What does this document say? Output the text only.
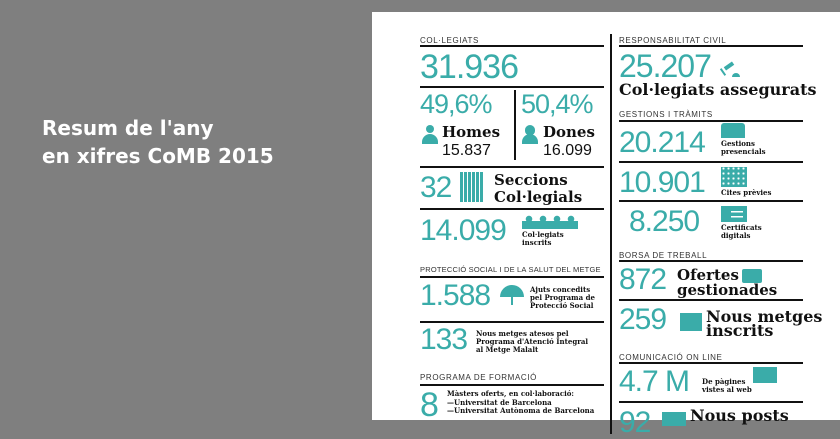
Resum de l'any
en xifres CoMB 2015
COL·LEGIATS
31.936
49,6% 50,4%
Homes
15.837
Dones
16.099
32	Seccions
Col·legials
14.099 Col·legiats
inscrits
PROTECCIÓ SOCIAL I DE LA SALUT DEL METGE
1.588	Ajuts concedits
pel Programa de
Protecció Social
133 Nous metges atesos pel
Programa d'Atenció Integral
al Metge Malalt
PROGRAMA DE FORMACIÓ
8 Màsters oferts, en col·laboració:
—Universitat de Barcelona
—Universitat Autònoma de Barcelona
RESPONSABILITAT CIVIL
25.207
Col·legiats assegurats
GESTIONS I TRÀMITS
20.214 Gestions
presencials
10.901 Cites prèvies
8.250	Certificats
digitals
BORSA DE TREBALL
872 Ofertes
gestionades
259 Nous metges
inscrits
COMUNICACIÓ ON LINE
4.7 M De pàgines
vistes al web
92 Nous posts
